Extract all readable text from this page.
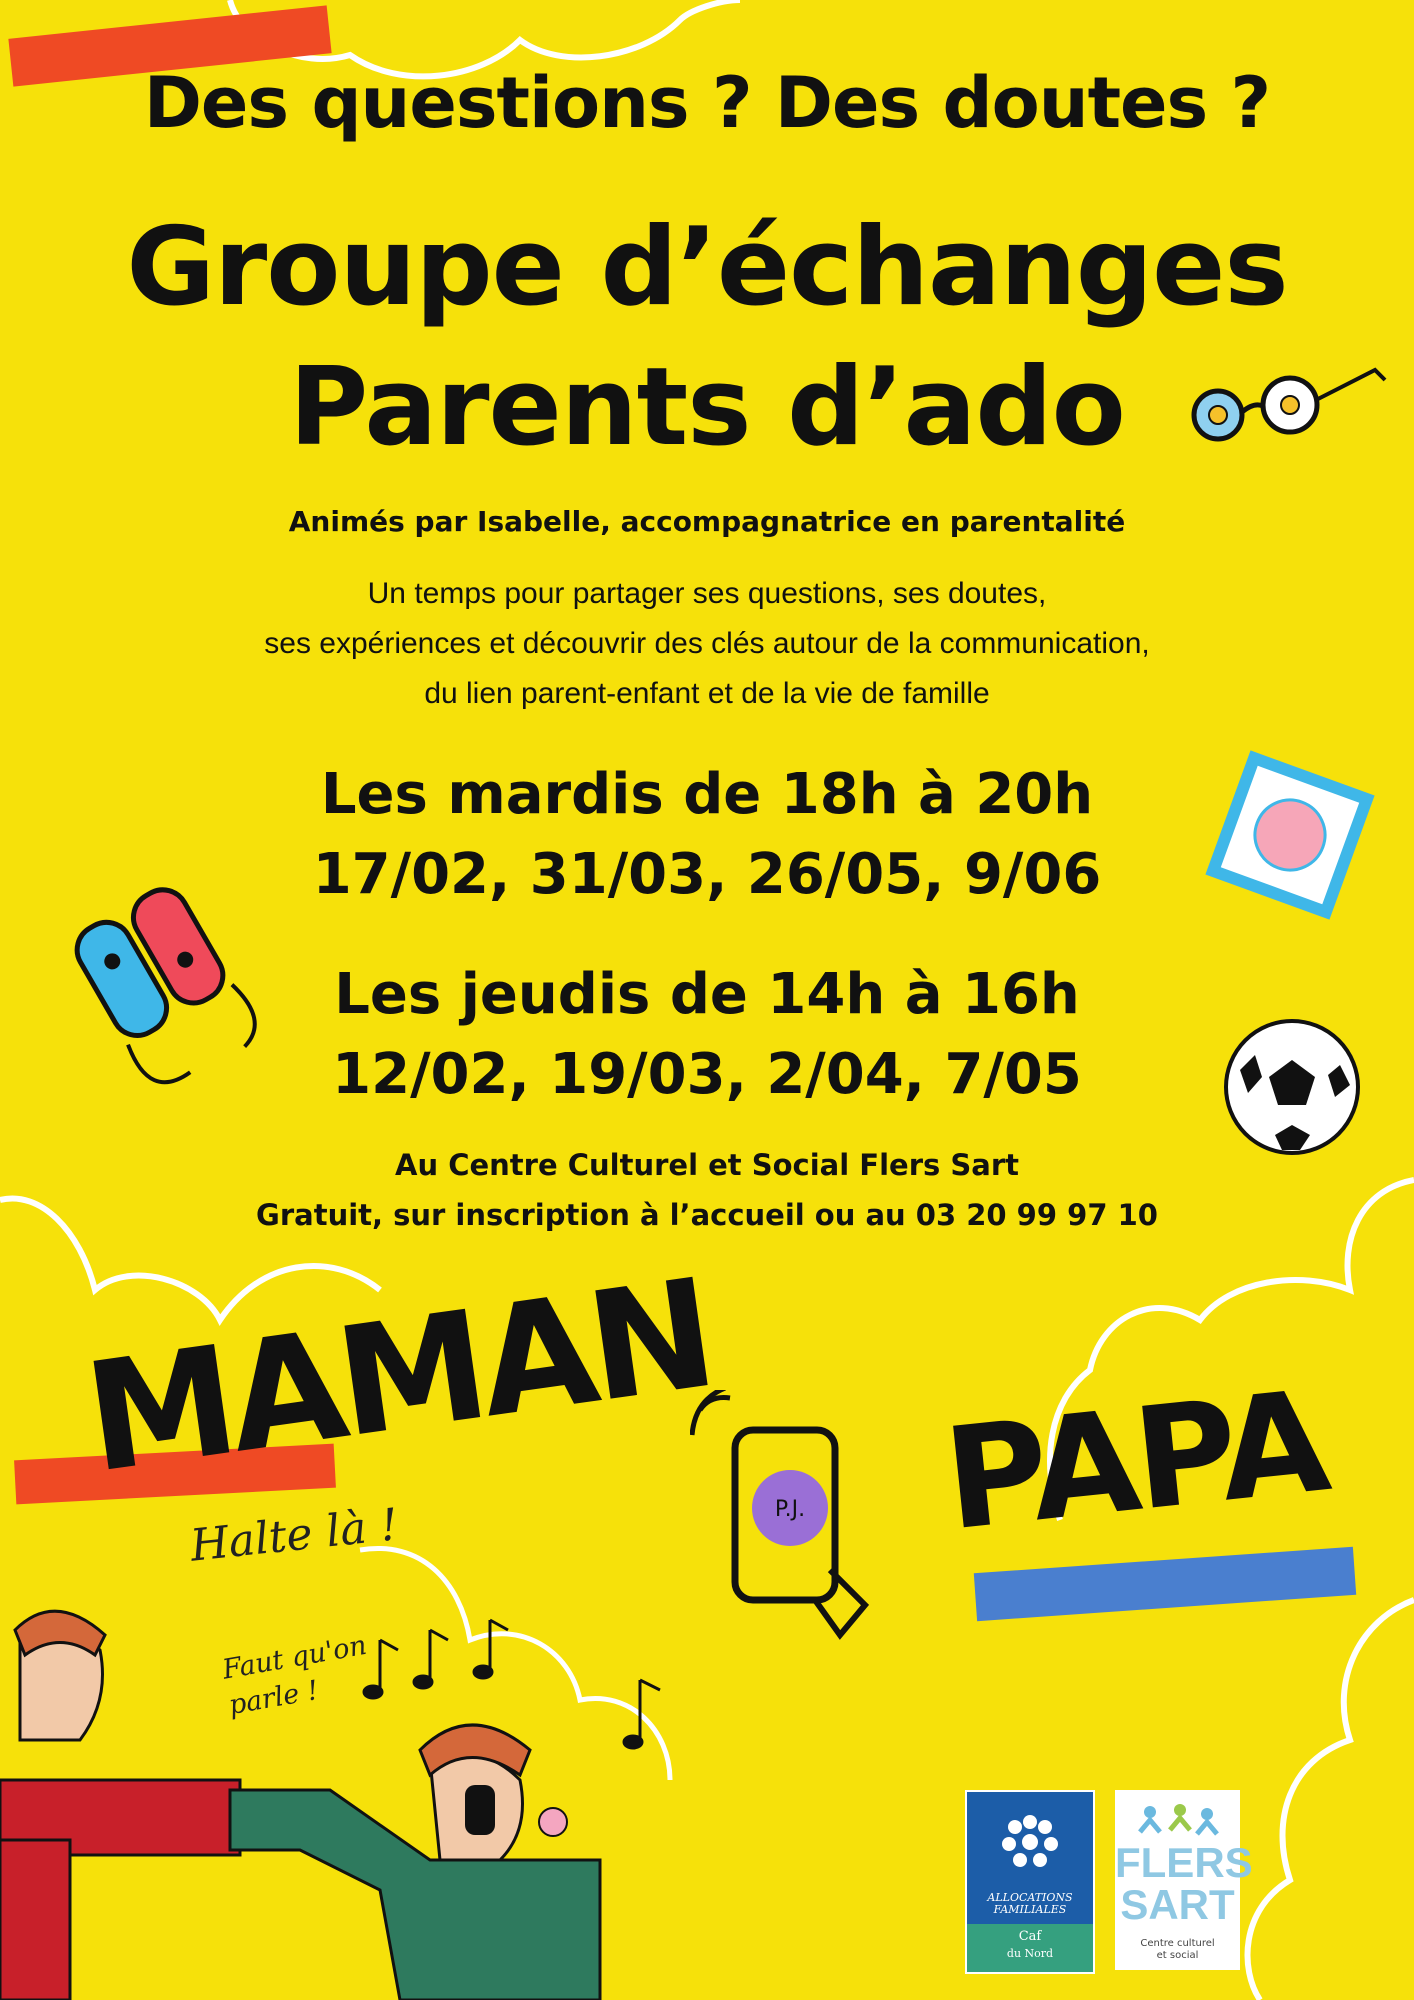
Des questions ? Des doutes ?
Groupe d’échanges
Parents d’ado
Animés par Isabelle, accompagnatrice en parentalité
Un temps pour partager ses questions, ses doutes,
ses expériences et découvrir des clés autour de la communication,
du lien parent-enfant et de la vie de famille
Les mardis de 18h à 20h
17/02, 31/03, 26/05, 9/06
Les jeudis de 14h à 16h
12/02, 19/03, 2/04, 7/05
Au Centre Culturel et Social Flers Sart
Gratuit, sur inscription à l’accueil ou au 03 20 99 97 10
MAMAN
P.J. PAPA
Halte là !
Faut qu'on
parle !
ALLOCATIONS
FAMILIALES
Caf
du Nord
FLERS
SART
Centre culturel
et social
